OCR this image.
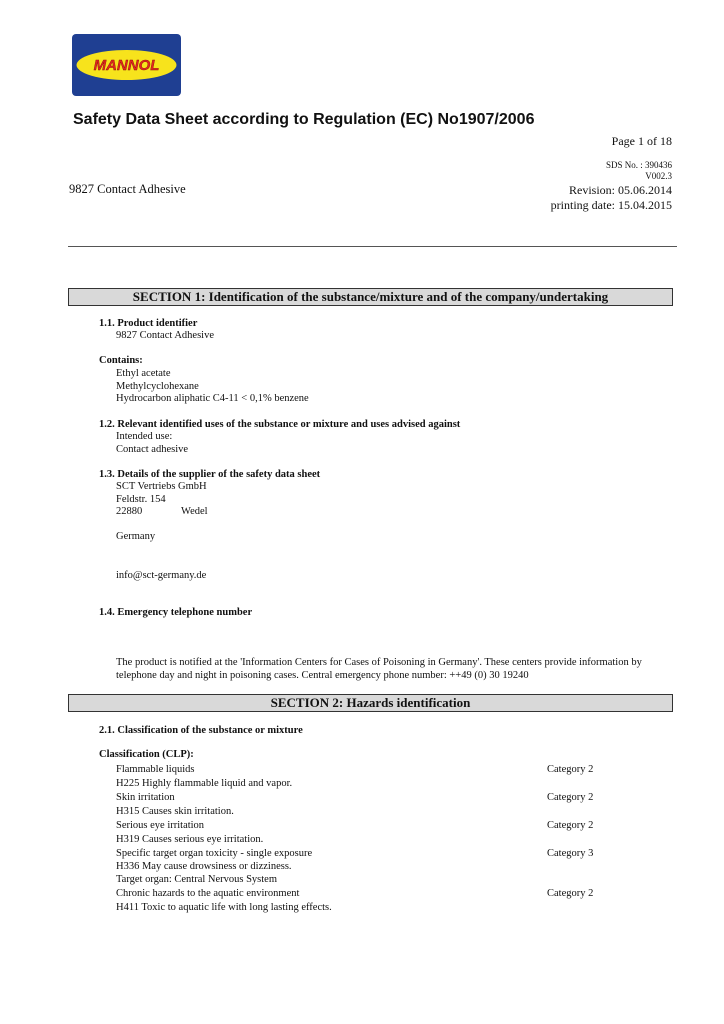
MANNOL
Safety Data Sheet according to Regulation (EC) No1907/2006
Page 1 of 18
SDS No. : 390436
V002.3
9827 Contact Adhesive	Revision: 05.06.2014
printing date: 15.04.2015
SECTION 1: Identification of the substance/mixture and of the company/undertaking
1.1. Product identifier
9827 Contact Adhesive
Contains:
Ethyl acetate
Methylcyclohexane
Hydrocarbon aliphatic C4-11 < 0,1% benzene
1.2. Relevant identified uses of the substance or mixture and uses advised against
Intended use:
Contact adhesive
1.3. Details of the supplier of the safety data sheet
SCT Vertriebs GmbH
Feldstr. 154
22880	Wedel
Germany
info@sct-germany.de
1.4. Emergency telephone number
The product is notified at the 'Information Centers for Cases of Poisoning in Germany'. These centers provide information by telephone day and night in poisoning cases. Central emergency phone number: ++49 (0) 30 19240
SECTION 2: Hazards identification
2.1. Classification of the substance or mixture
Classification (CLP):
Flammable liquids	Category 2
H225 Highly flammable liquid and vapor.
Skin irritation	Category 2
H315 Causes skin irritation.
Serious eye irritation	Category 2
H319 Causes serious eye irritation.
Specific target organ toxicity - single exposure	Category 3
H336 May cause drowsiness or dizziness.
Target organ: Central Nervous System
Chronic hazards to the aquatic environment	Category 2
H411 Toxic to aquatic life with long lasting effects.
